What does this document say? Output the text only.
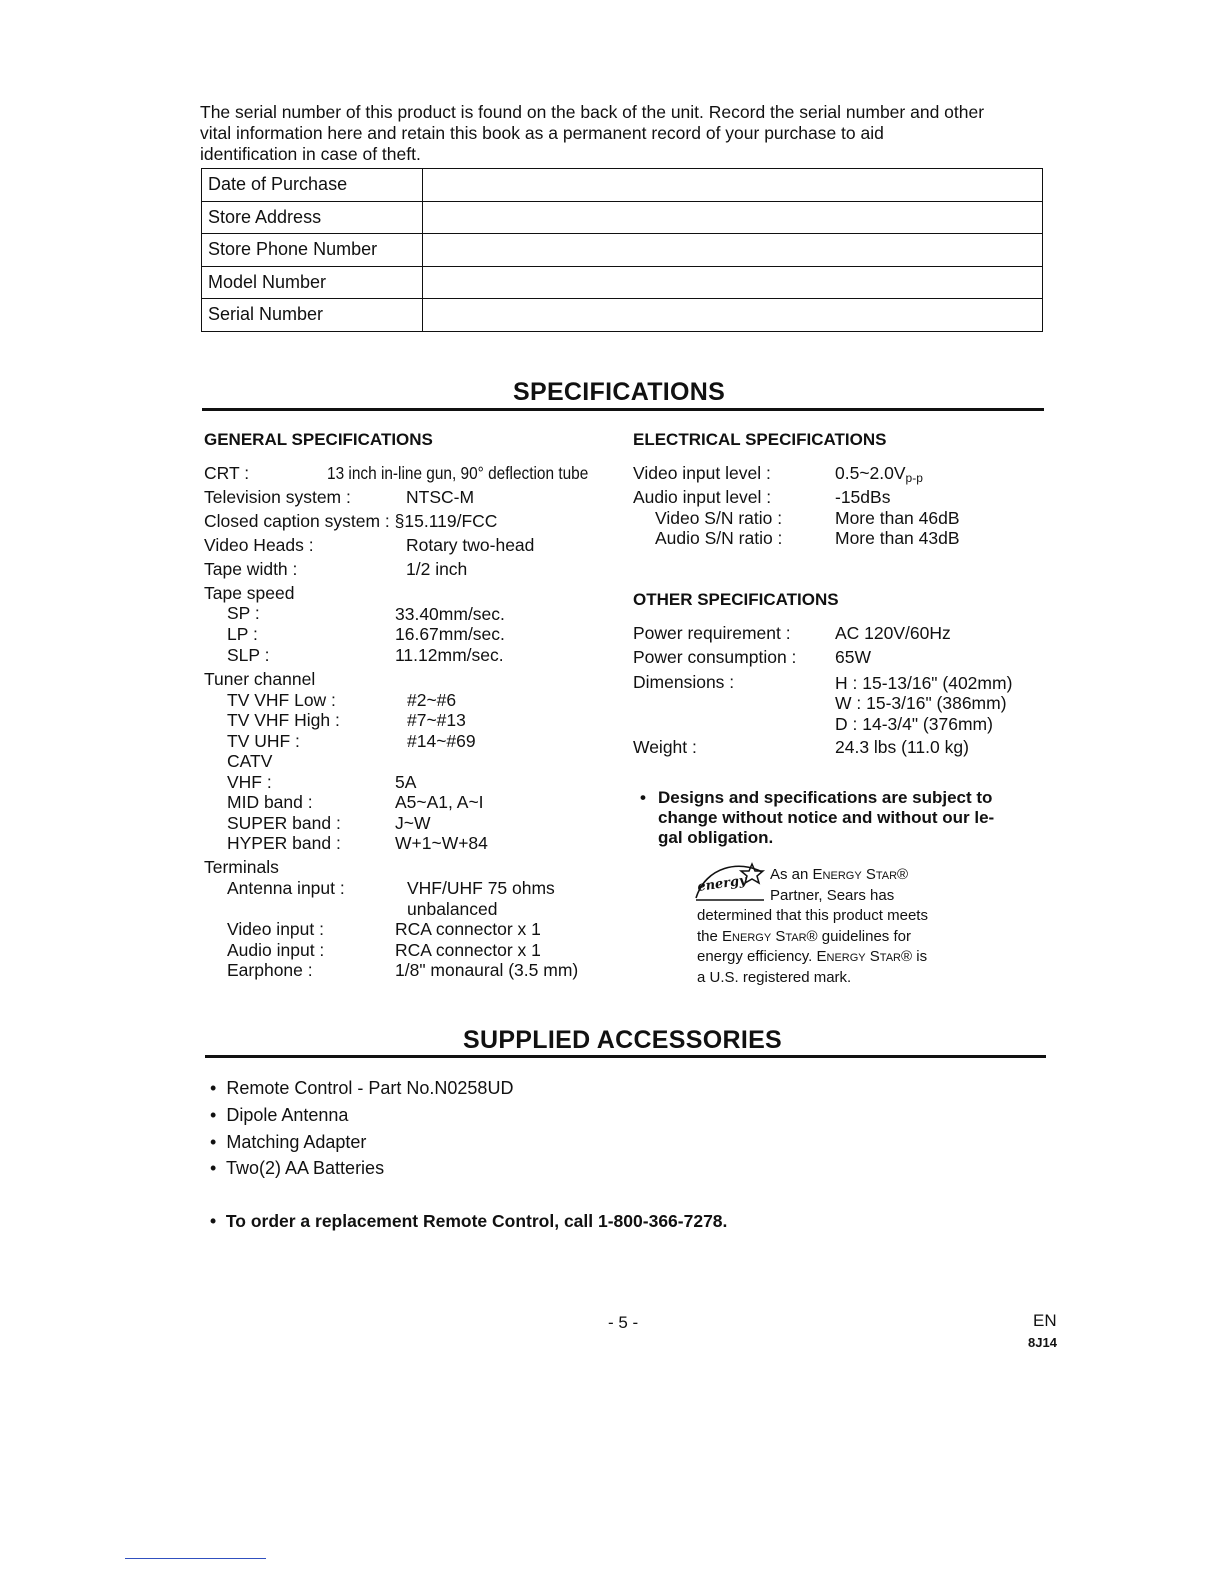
The serial number of this product is found on the back of the unit. Record the serial number and other
vital information here and retain this book as a permanent record of your purchase to aid
identification in case of theft.
Date of Purchase	
Store Address	
Store Phone Number	
Model Number	
Serial Number	
SPECIFICATIONS
GENERAL SPECIFICATIONS
CRT :	13 inch in-line gun, 90° deflection tube
Television system :	NTSC-M
Closed caption system : §15.119/FCC
Video Heads :	Rotary two-head
Tape width :	1/2 inch
Tape speed
SP :	33.40mm/sec.
LP :	16.67mm/sec.
SLP :	11.12mm/sec.
Tuner channel
TV VHF Low :	#2~#6
TV VHF High :	#7~#13
TV UHF :	#14~#69
CATV
VHF :	5A
MID band :	A5~A1, A~I
SUPER band :	J~W
HYPER band :	W+1~W+84
Terminals
Antenna input :	VHF/UHF 75 ohms
unbalanced
Video input :	RCA connector x 1
Audio input :	RCA connector x 1
Earphone :	1/8" monaural (3.5 mm)
ELECTRICAL SPECIFICATIONS
Video input level :	$0.5\sim 2.0V_{p-p}$
Audio input level :	-15dBs
Video S/N ratio :	More than 46dB
Audio S/N ratio :	More than 43dB
OTHER SPECIFICATIONS
Power requirement :	AC 120V/60Hz
Power consumption : 65W
Dimensions :	H : 15-13/16" (402mm)
W : 15-3/16" (386mm)
D : 14-3/4" (376mm)
Weight :	24.3 lbs (11.0 kg)
• Designs and specifications are subject to
change without notice and without our le-
gal obligation.
energy As an Energy Star®
Partner, Sears has
determined that this product meets
the Energy Star® guidelines for
energy efficiency. Energy Star® is
a U.S. registered mark.
SUPPLIED ACCESSORIES
• Remote Control - Part No.N0258UD
• Dipole Antenna
• Matching Adapter
• Two(2) AA Batteries
• To order a replacement Remote Control, call 1-800-366-7278.
- 5 -	EN
8J14
